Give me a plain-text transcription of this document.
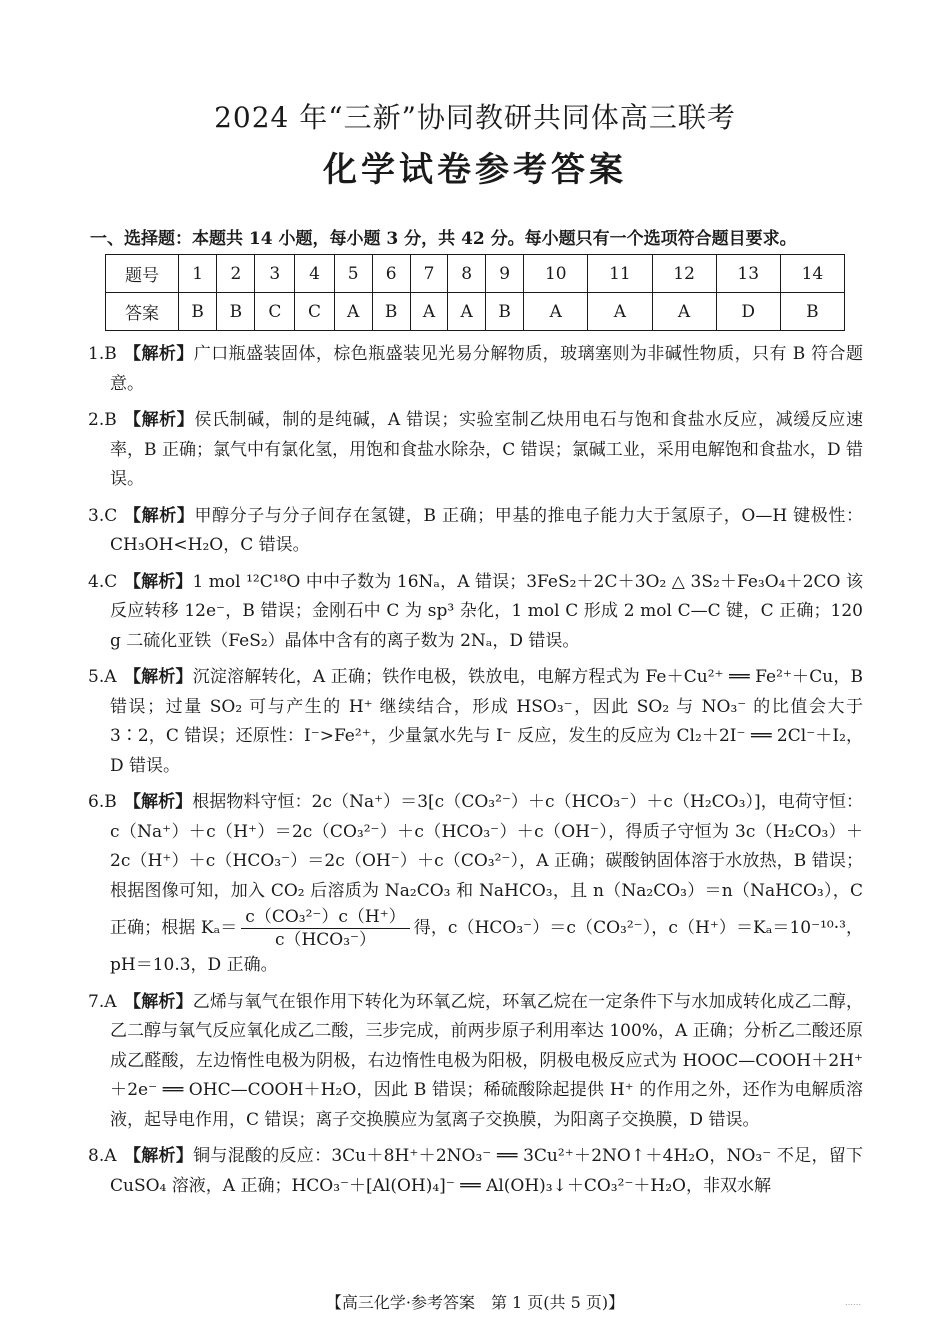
2024 年“三新”协同教研共同体高三联考
化学试卷参考答案
一、选择题：本题共 14 小题，每小题 3 分，共 42 分。每小题只有一个选项符合题目要求。
题号	1	2	3	4	5	6	7	8	9	10	11	12	13	14
答案	B	B	C	C	A	B	A	A	B	A	A	A	D	B
1.B 【解析】广口瓶盛装固体，棕色瓶盛装见光易分解物质，玻璃塞则为非碱性物质，只有 B 符合题意。
2.B 【解析】侯氏制碱，制的是纯碱，A 错误；实验室制乙炔用电石与饱和食盐水反应，减缓反应速率，B 正确；氯气中有氯化氢，用饱和食盐水除杂，C 错误；氯碱工业，采用电解饱和食盐水，D 错误。
3.C 【解析】甲醇分子与分子间存在氢键，B 正确；甲基的推电子能力大于氢原子，O—H 键极性：CH₃OH<H₂O，C 错误。
4.C 【解析】1 mol ¹²C¹⁸O 中中子数为 16Nₐ，A 错误；3FeS₂＋2C＋3O₂ △ 3S₂＋Fe₃O₄＋2CO 该反应转移 12e⁻，B 错误；金刚石中 C 为 sp³ 杂化，1 mol C 形成 2 mol C—C 键，C 正确；120 g 二硫化亚铁（FeS₂）晶体中含有的离子数为 2Nₐ，D 错误。
5.A 【解析】沉淀溶解转化，A 正确；铁作电极，铁放电，电解方程式为 Fe＋Cu²⁺ ══ Fe²⁺＋Cu，B 错误；过量 SO₂ 可与产生的 H⁺ 继续结合，形成 HSO₃⁻，因此 SO₂ 与 NO₃⁻ 的比值会大于 3∶2，C 错误；还原性：I⁻>Fe²⁺，少量氯水先与 I⁻ 反应，发生的反应为 Cl₂＋2I⁻ ══ 2Cl⁻＋I₂，D 错误。
6.B 【解析】根据物料守恒：2c（Na⁺）＝3[c（CO₃²⁻）＋c（HCO₃⁻）＋c（H₂CO₃）]，电荷守恒：c（Na⁺）＋c（H⁺）＝2c（CO₃²⁻）＋c（HCO₃⁻）＋c（OH⁻），得质子守恒为 3c（H₂CO₃）＋2c（H⁺）＋c（HCO₃⁻）＝2c（OH⁻）＋c（CO₃²⁻），A 正确；碳酸钠固体溶于水放热，B 错误；根据图像可知，加入 CO₂ 后溶质为 Na₂CO₃ 和 NaHCO₃，且 n（Na₂CO₃）＝n（NaHCO₃），C 正确；根据 $K_a= \frac{\text{c（CO₃²⁻）c（H⁺）}}{\text{c（HCO₃⁻）}}$ 得，c（HCO₃⁻）＝c（CO₃²⁻），c（H⁺）＝Kₐ＝10⁻¹⁰·³，pH＝10.3，D 正确。
7.A 【解析】乙烯与氧气在银作用下转化为环氧乙烷，环氧乙烷在一定条件下与水加成转化成乙二醇，乙二醇与氧气反应氧化成乙二酸，三步完成，前两步原子利用率达 100%，A 正确；分析乙二酸还原成乙醛酸，左边惰性电极为阴极，右边惰性电极为阳极，阴极电极反应式为 HOOC—COOH＋2H⁺＋2e⁻ ══ OHC—COOH＋H₂O，因此 B 错误；稀硫酸除起提供 H⁺ 的作用之外，还作为电解质溶液，起导电作用，C 错误；离子交换膜应为氢离子交换膜，为阳离子交换膜，D 错误。
8.A 【解析】铜与混酸的反应：3Cu＋8H⁺＋2NO₃⁻ ══ 3Cu²⁺＋2NO↑＋4H₂O，NO₃⁻ 不足，留下 CuSO₄ 溶液，A 正确；HCO₃⁻＋[Al(OH)₄]⁻ ══ Al(OH)₃↓＋CO₃²⁻＋H₂O，非双水解
【高三化学·参考答案　第 1 页(共 5 页)】	……
